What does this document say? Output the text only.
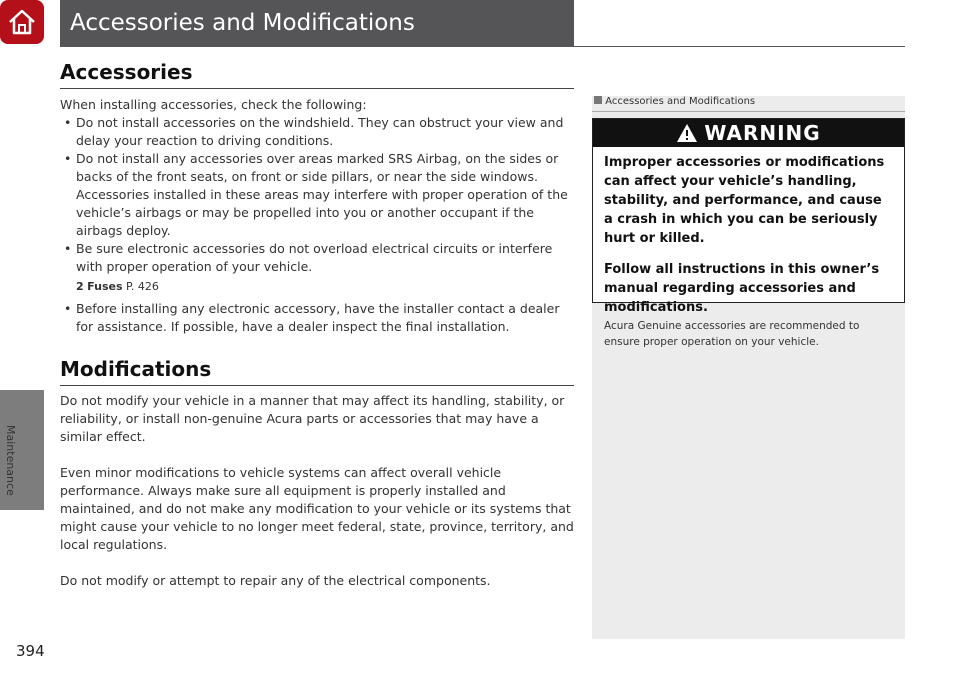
Maintenance
394
Accessories and Modifications
Accessories

When installing accessories, check the following:

• Do not install accessories on the windshield. They can obstruct your view and delay your reaction to driving conditions.

• Do not install any accessories over areas marked SRS Airbag, on the sides or backs of the front seats, on front or side pillars, or near the side windows. Accessories installed in these areas may interfere with proper operation of the vehicle’s airbags or may be propelled into you or another occupant if the airbags deploy.

• Be sure electronic accessories do not overload electrical circuits or interfere with proper operation of your vehicle.

2 Fuses P. 426

• Before installing any electronic accessory, have the installer contact a dealer for assistance. If possible, have a dealer inspect the final installation.

Modifications

Do not modify your vehicle in a manner that may affect its handling, stability, or reliability, or install non-genuine Acura parts or accessories that may have a similar effect.

Even minor modifications to vehicle systems can affect overall vehicle performance. Always make sure all equipment is properly installed and maintained, and do not make any modification to your vehicle or its systems that might cause your vehicle to no longer meet federal, state, province, territory, and local regulations.

Do not modify or attempt to repair any of the electrical components.

1 Accessories and Modifications
WARNING

Improper accessories or modifications can affect your vehicle’s handling, stability, and performance, and cause a crash in which you can be seriously hurt or killed.

Follow all instructions in this owner’s manual regarding accessories and modifications.

Acura Genuine accessories are recommended to ensure proper operation on your vehicle.
